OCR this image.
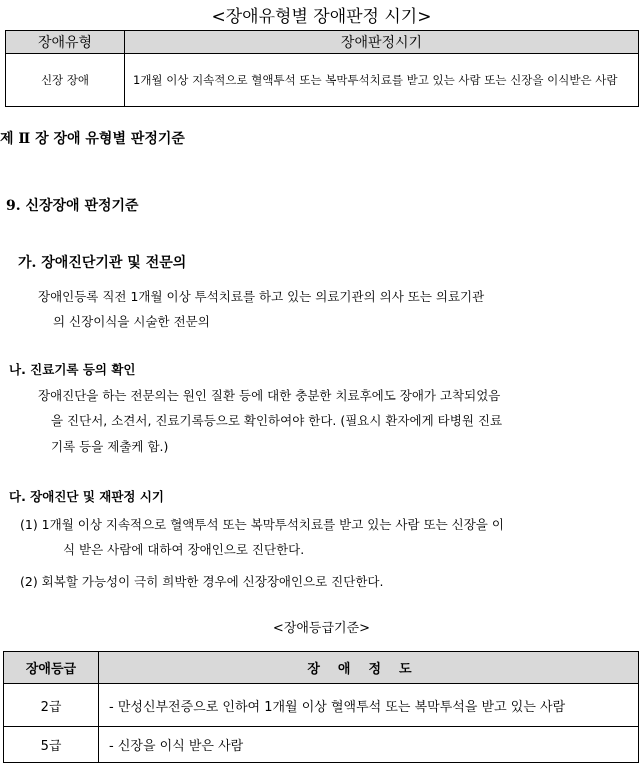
<장애유형별 장애판정 시기>
장애유형	장애판정시기
신장 장애	1개월 이상 지속적으로 혈액투석 또는 복막투석치료를 받고 있는 사람 또는 신장을 이식받은 사람
제 Ⅱ 장 장애 유형별 판정기준
9. 신장장애 판정기준
가. 장애진단기관 및 전문의
장애인등록 직전 1개월 이상 투석치료를 하고 있는 의료기관의 의사 또는 의료기관
의 신장이식을 시술한 전문의
나. 진료기록 등의 확인
장애진단을 하는 전문의는 원인 질환 등에 대한 충분한 치료후에도 장애가 고착되었음
을 진단서, 소견서, 진료기록등으로 확인하여야 한다. (필요시 환자에게 타병원 진료
기록 등을 제출케 함.)
다. 장애진단 및 재판정 시기
(1) 1개월 이상 지속적으로 혈액투석 또는 복막투석치료를 받고 있는 사람 또는 신장을 이
식 받은 사람에 대하여 장애인으로 진단한다.
(2) 회복할 가능성이 극히 희박한 경우에 신장장애인으로 진단한다.
<장애등급기준>
장애등급	장애정도
2급	- 만성신부전증으로 인하여 1개월 이상 혈액투석 또는 복막투석을 받고 있는 사람
5급	- 신장을 이식 받은 사람
